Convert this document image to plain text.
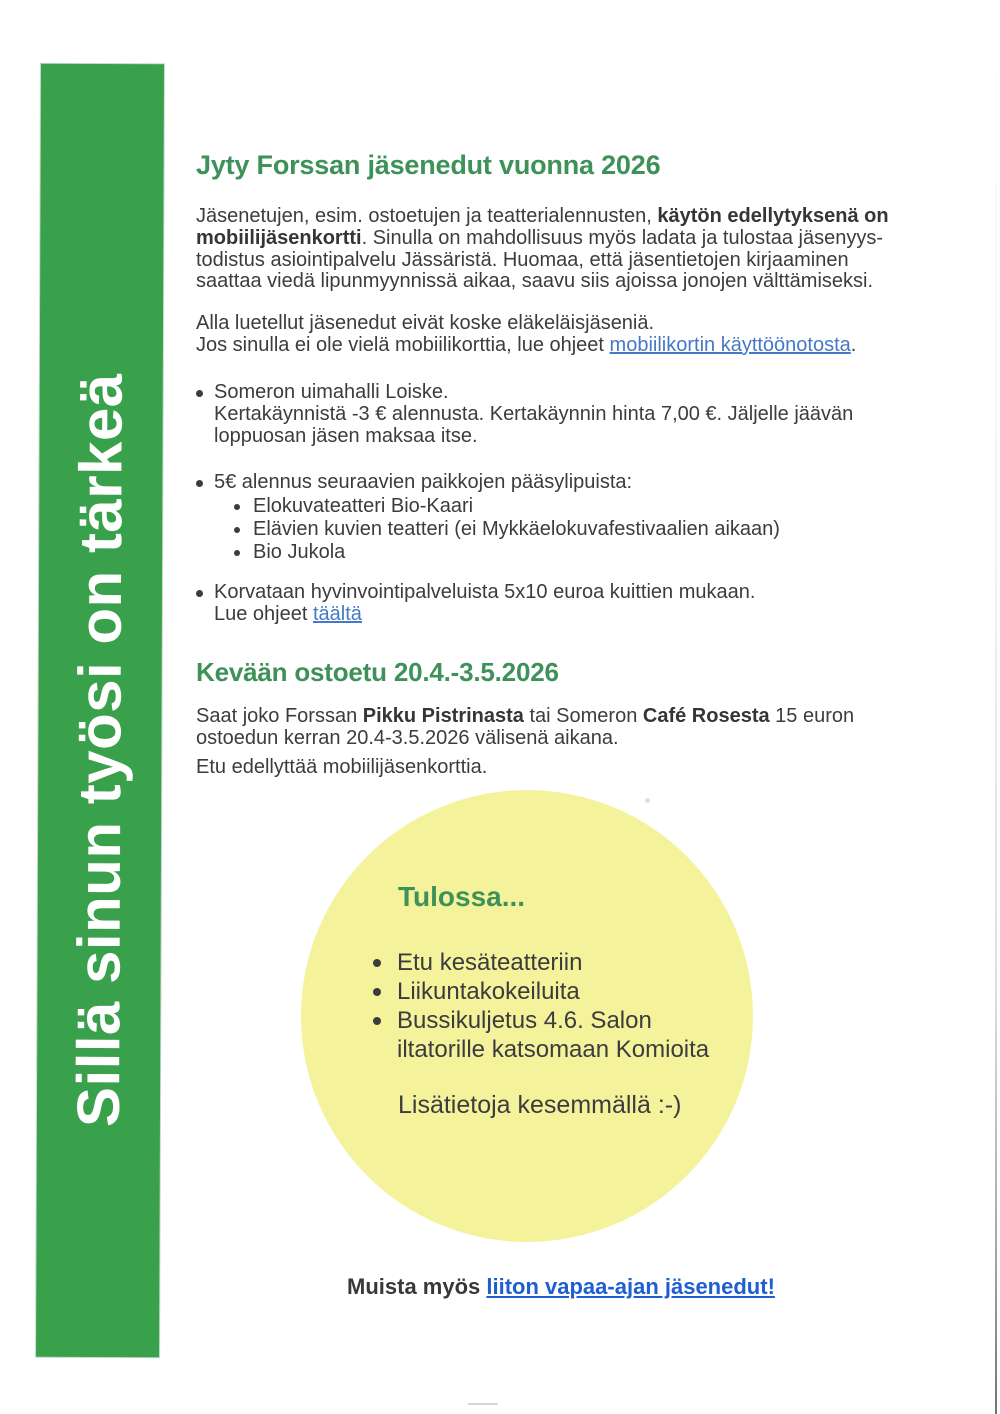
Sillä sinun työsi on tärkeä
Jyty Forssan jäsenedut vuonna 2026
Jäsenetujen, esim. ostoetujen ja teatterialennusten, käytön edellytyksenä on
mobiilijäsenkortti. Sinulla on mahdollisuus myös ladata ja tulostaa jäsenyys-
todistus asiointipalvelu Jässäristä. Huomaa, että jäsentietojen kirjaaminen
saattaa viedä lipunmyynnissä aikaa, saavu siis ajoissa jonojen välttämiseksi.
Alla luetellut jäsenedut eivät koske eläkeläisjäseniä.
Jos sinulla ei ole vielä mobiilikorttia, lue ohjeet mobiilikortin käyttöönotosta.
Someron uimahalli Loiske.
Kertakäynnistä -3 € alennusta. Kertakäynnin hinta 7,00 €. Jäljelle jäävän
loppuosan jäsen maksaa itse.
5€ alennus seuraavien paikkojen pääsylipuista:
Elokuvateatteri Bio-Kaari
Elävien kuvien teatteri (ei Mykkäelokuvafestivaalien aikaan)
Bio Jukola
Korvataan hyvinvointipalveluista 5x10 euroa kuittien mukaan.
Lue ohjeet täältä
Kevään ostoetu 20.4.-3.5.2026
Saat joko Forssan Pikku Pistrinasta tai Someron Café Rosesta 15 euron
ostoedun kerran 20.4-3.5.2026 välisenä aikana.
Etu edellyttää mobiilijäsenkorttia.
Tulossa...
Etu kesäteatteriin
Liikuntakokeiluita
Bussikuljetus 4.6. Salon
iltatorille katsomaan Komioita
Lisätietoja kesemmällä :-)
Muista myös liiton vapaa-ajan jäsenedut!
